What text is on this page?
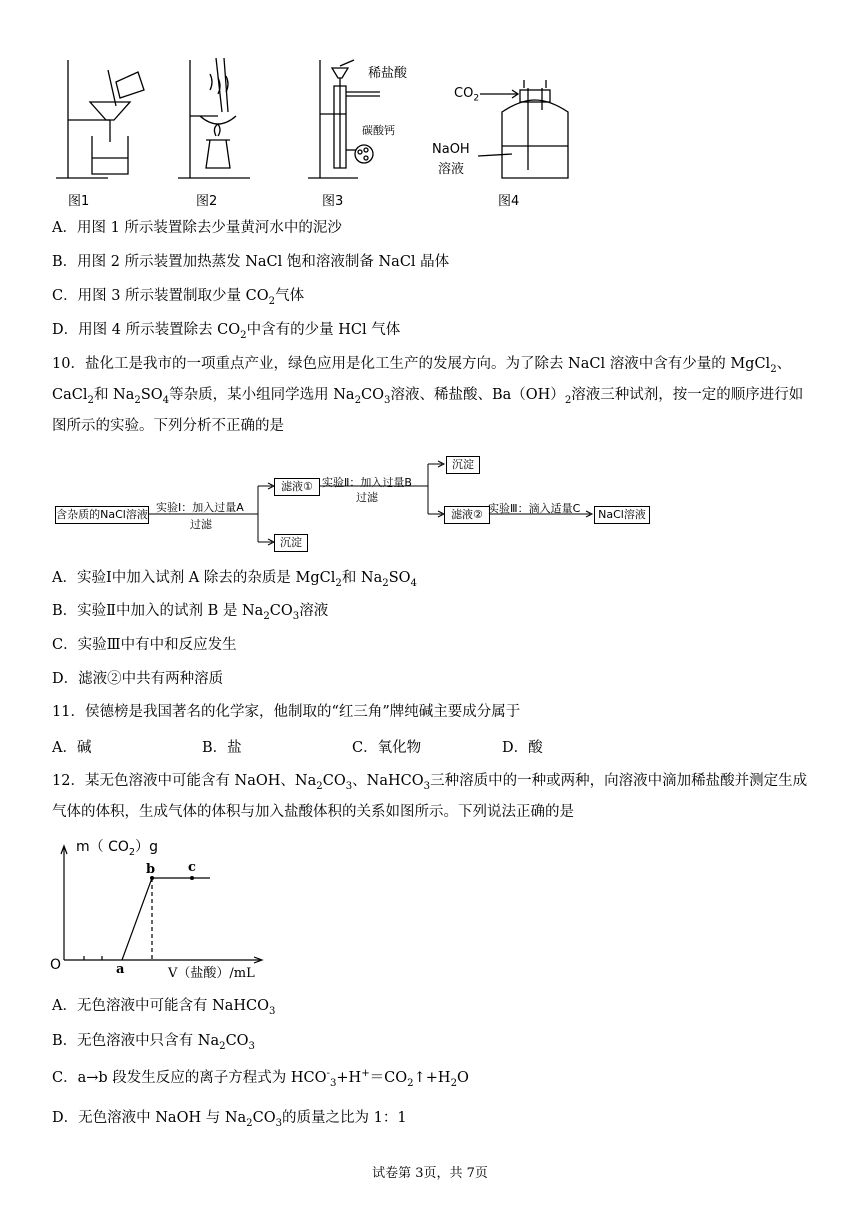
图1	图2	图3	图4
稀盐酸
碳酸钙
$CO_2$
NaOH
溶液
A．用图 1 所示装置除去少量黄河水中的泥沙
B．用图 2 所示装置加热蒸发 NaCl 饱和溶液制备 NaCl 晶体
C．用图 3 所示装置制取少量 $CO_2$气体
D．用图 4 所示装置除去 $CO_2$中含有的少量 HCl 气体
10．盐化工是我市的一项重点产业，绿色应用是化工生产的发展方向。为了除去 NaCl 溶液中含有少量的 MgCl$_2$、
CaCl$_2$和 $Na_2SO_4$等杂质，某小组同学选用 $Na_2CO_3$溶液、稀盐酸、$Ba(OH)_2$溶液三种试剂，按一定的顺序进行如图所示的实验。下列分析不正确的是
含杂质的NaCl溶液
实验Ⅰ：加入过量A
过滤
滤液①
沉淀
实验Ⅱ：加入过量B
过滤
沉淀
滤液② 实验Ⅲ：滴入适量C	NaCl溶液
A．实验Ⅰ中加入试剂 A 除去的杂质是 MgCl$_2$和 $Na_2SO_4$
B．实验Ⅱ中加入的试剂 B 是 $Na_2CO_3$溶液
C．实验Ⅲ中有中和反应发生
D．滤液②中共有两种溶质
11．侯德榜是我国著名的化学家，他制取的“红三角”牌纯碱主要成分属于
A．碱	B．盐	C．氧化物	D．酸
12．某无色溶液中可能含有 NaOH、$Na_2CO_3$、NaHCO$_3$三种溶质中的一种或两种，向溶液中滴加稀盐酸并测定生成
气体的体积，生成气体的体积与加入盐酸体积的关系如图所示。下列说法正确的是
m（ $CO_2)g$
O	a
b	c
V（盐酸）/mL
A．无色溶液中可能含有 NaHCO$_3$
B．无色溶液中只含有 $Na_2CO_3$
C．a→b 段发生反应的离子方程式为 $HCO^-_3+H^+=CO_2↑+H_2O$
D．无色溶液中 NaOH 与 $Na_2CO_3$的质量之比为 1：1
试卷第 3页，共 7页
